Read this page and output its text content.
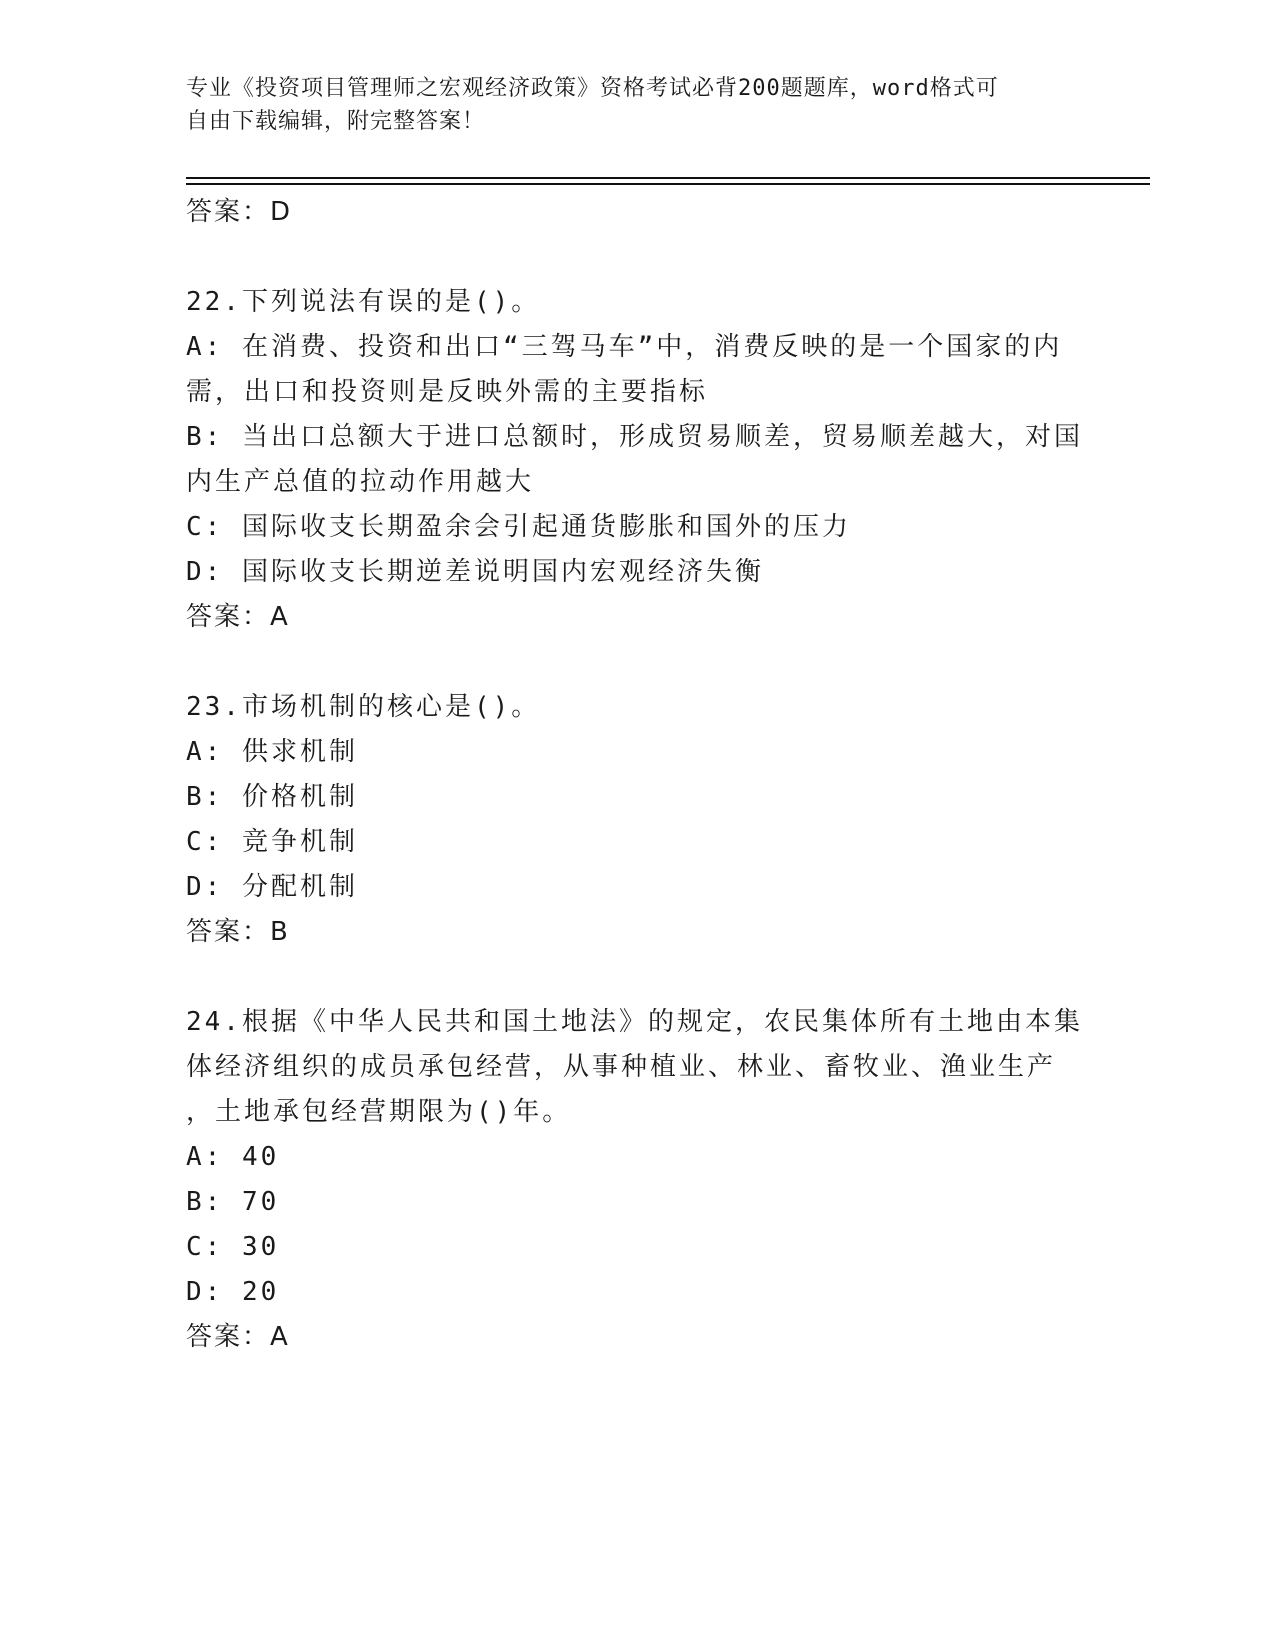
专业《投资项目管理师之宏观经济政策》资格考试必背200题题库，word格式可

自由下载编辑，附完整答案！

答案：D
22.下列说法有误的是()。
A: 在消费、投资和出口“三驾马车”中，消费反映的是一个国家的内
需，出口和投资则是反映外需的主要指标
B: 当出口总额大于进口总额时，形成贸易顺差，贸易顺差越大，对国
内生产总值的拉动作用越大
C: 国际收支长期盈余会引起通货膨胀和国外的压力
D: 国际收支长期逆差说明国内宏观经济失衡
答案：A
23.市场机制的核心是()。
A: 供求机制
B: 价格机制
C: 竞争机制
D: 分配机制
答案：B
24.根据《中华人民共和国土地法》的规定，农民集体所有土地由本集
体经济组织的成员承包经营，从事种植业、林业、畜牧业、渔业生产
，土地承包经营期限为()年。
A: 40
B: 70
C: 30
D: 20
答案：A
